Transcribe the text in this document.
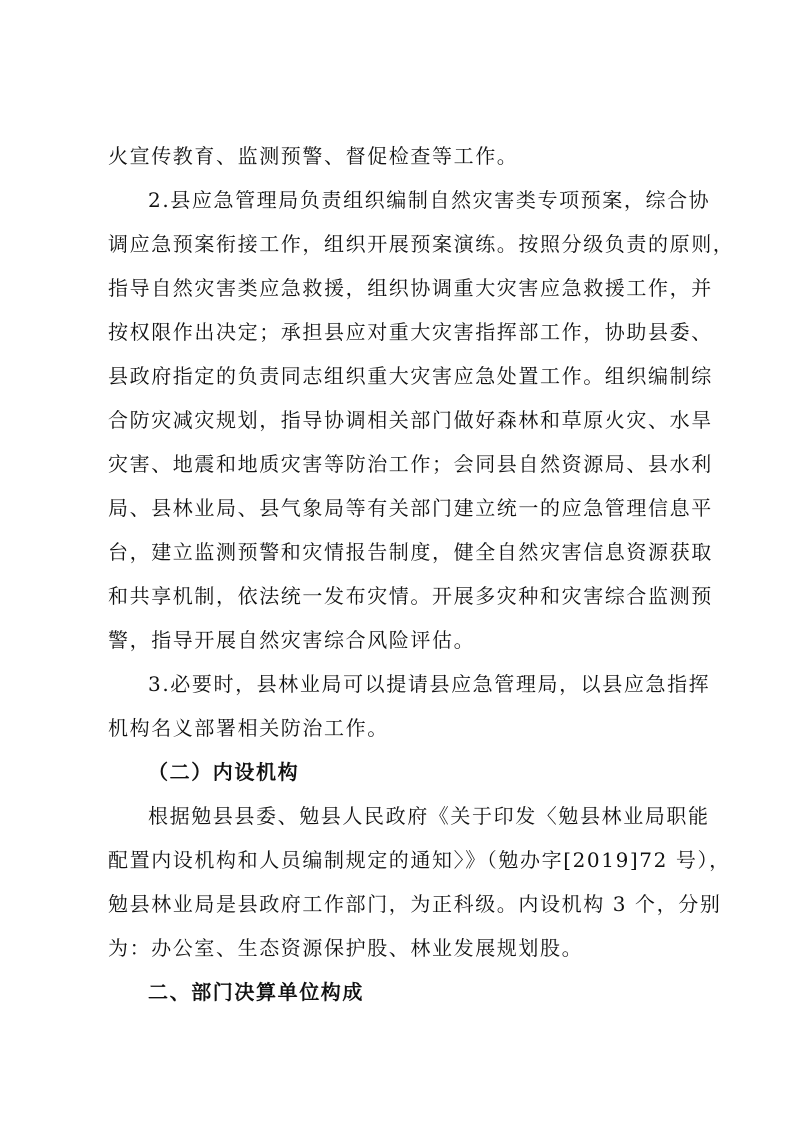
火宣传教育、监测预警、督促检查等工作。
2.县应急管理局负责组织编制自然灾害类专项预案，综合协
调应急预案衔接工作，组织开展预案演练。按照分级负责的原则，
指导自然灾害类应急救援，组织协调重大灾害应急救援工作，并
按权限作出决定；承担县应对重大灾害指挥部工作，协助县委、
县政府指定的负责同志组织重大灾害应急处置工作。组织编制综
合防灾减灾规划，指导协调相关部门做好森林和草原火灾、水旱
灾害、地震和地质灾害等防治工作；会同县自然资源局、县水利
局、县林业局、县气象局等有关部门建立统一的应急管理信息平
台，建立监测预警和灾情报告制度，健全自然灾害信息资源获取
和共享机制，依法统一发布灾情。开展多灾种和灾害综合监测预
警，指导开展自然灾害综合风险评估。
3.必要时，县林业局可以提请县应急管理局，以县应急指挥
机构名义部署相关防治工作。
（二）内设机构
根据勉县县委、勉县人民政府《关于印发〈勉县林业局职能
配置内设机构和人员编制规定的通知〉》（勉办字[2019]72 号），
勉县林业局是县政府工作部门，为正科级。内设机构 3 个，分别
为：办公室、生态资源保护股、林业发展规划股。
二、部门决算单位构成
